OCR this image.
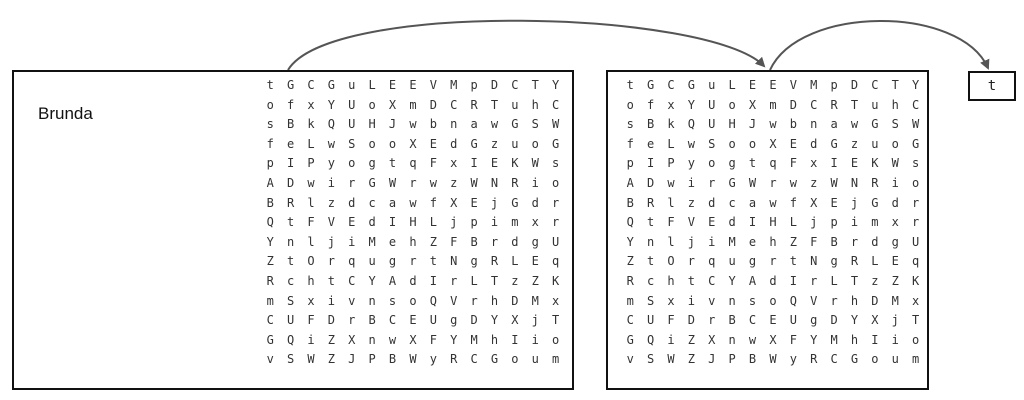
Brunda
t	G	C	G	u	L	E	E	V	M	p	D	C	T	Y
o	f	x	Y	U	o	X	m	D	C	R	T	u	h	C
s	B	k	Q	U	H	J	w	b	n	a	w	G	S	W
f	e	L	w	S	o	o	X	E	d	G	z	u	o	G
p	I	P	y	o	g	t	q	F	x	I	E	K	W	s
A	D	w	i	r	G	W	r	w	z	W	N	R	i	o
B	R	l	z	d	c	a	w	f	X	E	j	G	d	r
Q	t	F	V	E	d	I	H	L	j	p	i	m	x	r
Y	n	l	j	i	M	e	h	Z	F	B	r	d	g	U
Z	t	O	r	q	u	g	r	t	N	g	R	L	E	q
R	c	h	t	C	Y	A	d	I	r	L	T	z	Z	K
m	S	x	i	v	n	s	o	Q	V	r	h	D	M	x
C	U	F	D	r	B	C	E	U	g	D	Y	X	j	T
G	Q	i	Z	X	n	w	X	F	Y	M	h	I	i	o
v	S	W	Z	J	P	B	W	y	R	C	G	o	u	m
t	G	C	G	u	L	E	E	V	M	p	D	C	T	Y
o	f	x	Y	U	o	X	m	D	C	R	T	u	h	C
s	B	k	Q	U	H	J	w	b	n	a	w	G	S	W
f	e	L	w	S	o	o	X	E	d	G	z	u	o	G
p	I	P	y	o	g	t	q	F	x	I	E	K	W	s
A	D	w	i	r	G	W	r	w	z	W	N	R	i	o
B	R	l	z	d	c	a	w	f	X	E	j	G	d	r
Q	t	F	V	E	d	I	H	L	j	p	i	m	x	r
Y	n	l	j	i	M	e	h	Z	F	B	r	d	g	U
Z	t	O	r	q	u	g	r	t	N	g	R	L	E	q
R	c	h	t	C	Y	A	d	I	r	L	T	z	Z	K
m	S	x	i	v	n	s	o	Q	V	r	h	D	M	x
C	U	F	D	r	B	C	E	U	g	D	Y	X	j	T
G	Q	i	Z	X	n	w	X	F	Y	M	h	I	i	o
v	S	W	Z	J	P	B	W	y	R	C	G	o	u	m
t
